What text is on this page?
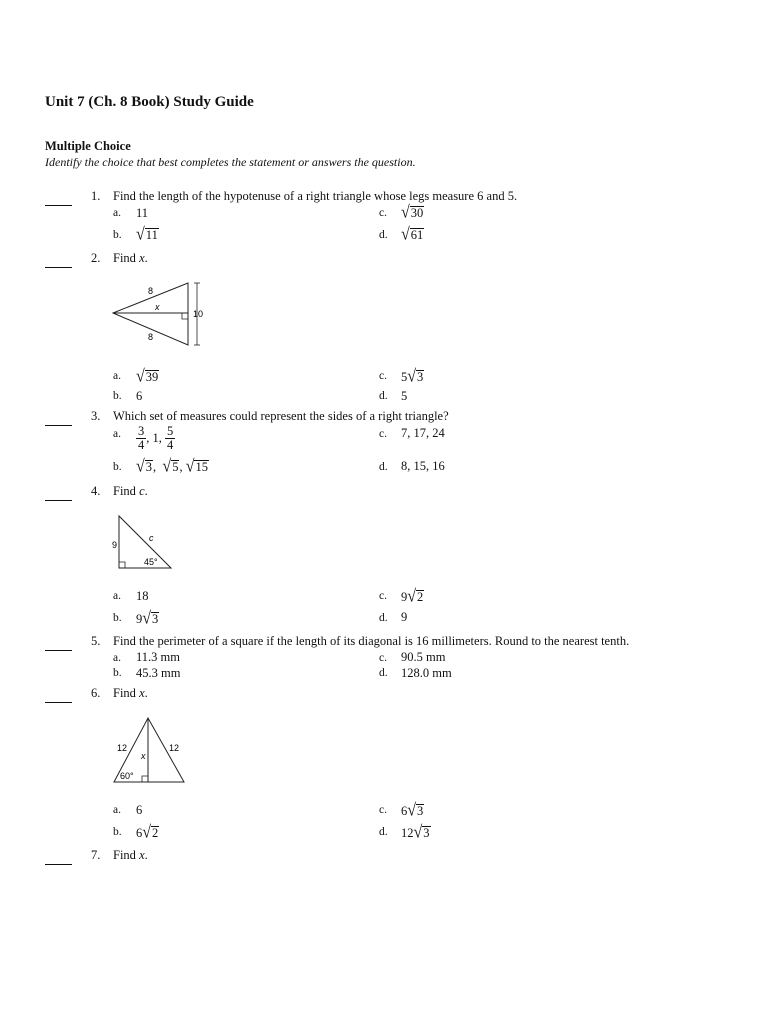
Unit 7 (Ch. 8 Book) Study Guide
Multiple Choice
Identify the choice that best completes the statement or answers the question.
1. Find the length of the hypotenuse of a right triangle whose legs measure 6 and 5.
a. 11
b. √11
c. √30
d. √61
2. Find x.
8
8
10
x
a. √39
b. 6
c. 5√3
d. 5
3. Which set of measures could represent the sides of a right triangle?
a. $\frac{3}{4}$ , 1, $\frac{5}{4}$
b. √3,  √5, √15
c. 7, 17, 24
d. 8, 15, 16
4. Find c.
9
c
45°
a. 18
b. 9√3
c. 9√2
d. 9
5. Find the perimeter of a square if the length of its diagonal is 16 millimeters. Round to the nearest tenth.
a. 11.3 mm
b. 45.3 mm
c. 90.5 mm
d. 128.0 mm
6. Find x.
12	12
x
60°
a. 6
b. 6√2
c. 6√3
d. 12√3
7. Find x.
